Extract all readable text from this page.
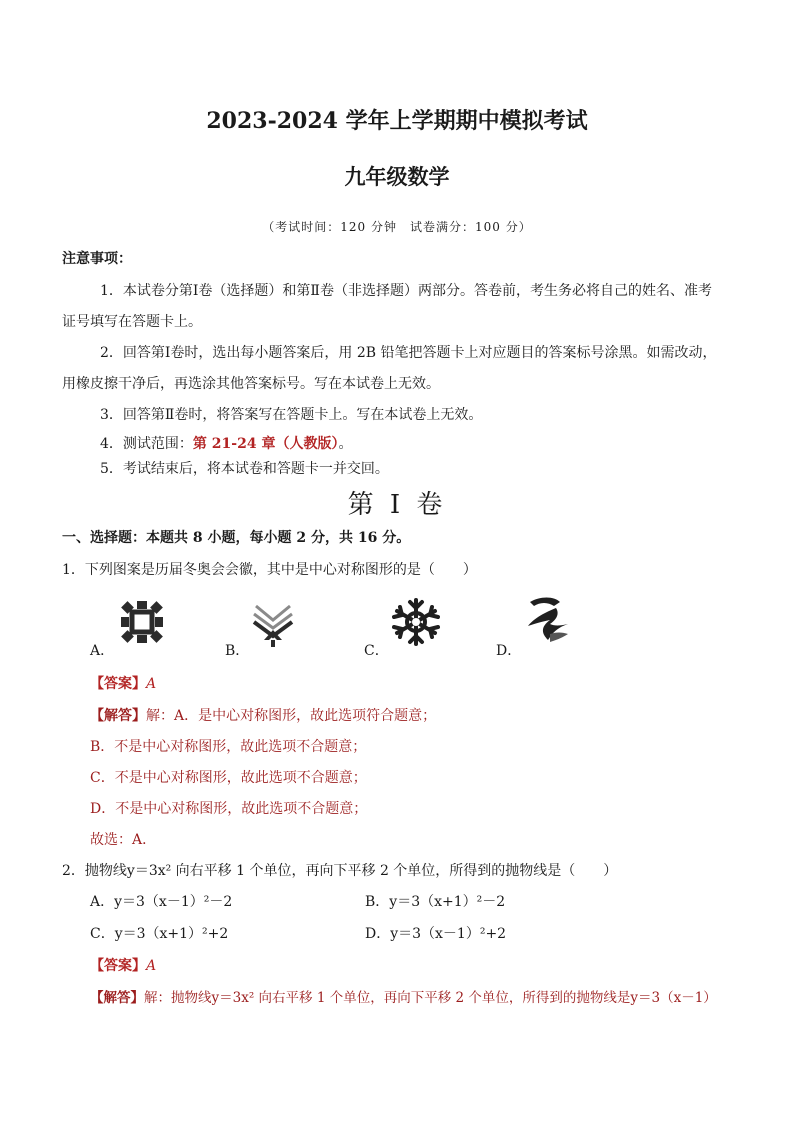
2023-2024 学年上学期期中模拟考试
九年级数学
（考试时间：120 分钟　试卷满分：100 分）
注意事项：
1．本试卷分第Ⅰ卷（选择题）和第Ⅱ卷（非选择题）两部分。答卷前，考生务必将自己的姓名、准考
证号填写在答题卡上。
2．回答第Ⅰ卷时，选出每小题答案后，用 2B 铅笔把答题卡上对应题目的答案标号涂黑。如需改动，
用橡皮擦干净后，再选涂其他答案标号。写在本试卷上无效。
3．回答第Ⅱ卷时，将答案写在答题卡上。写在本试卷上无效。
4．测试范围：第 21-24 章（人教版）。
5．考试结束后，将本试卷和答题卡一并交回。
第 I 卷
一、选择题：本题共 8 小题，每小题 2 分，共 16 分。
1．下列图案是历届冬奥会会徽，其中是中心对称图形的是（　　）
A．	B．	C．	D．
【答案】A
【解答】解：A．是中心对称图形，故此选项符合题意；
B．不是中心对称图形，故此选项不合题意；
C．不是中心对称图形，故此选项不合题意；
D．不是中心对称图形，故此选项不合题意；
故选：A．
2．抛物线y＝3x² 向右平移 1 个单位，再向下平移 2 个单位，所得到的抛物线是（　　）
A．y＝3（x－1）²－2	B．y＝3（x+1）²－2
C．y＝3（x+1）²+2	D．y＝3（x－1）²+2
【答案】A
【解答】解：抛物线y＝3x² 向右平移 1 个单位，再向下平移 2 个单位，所得到的抛物线是y＝3（x－1）
